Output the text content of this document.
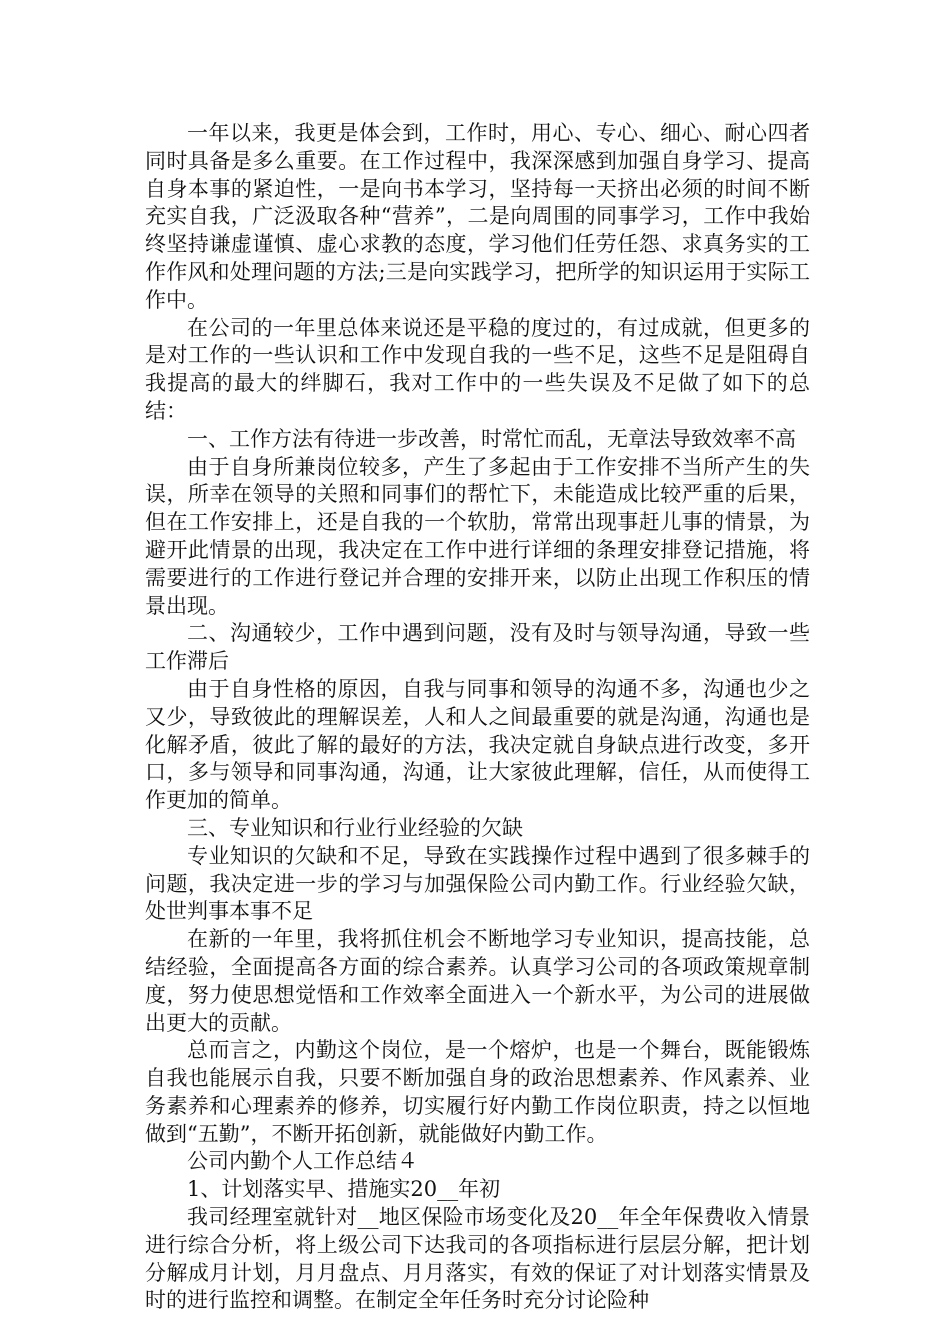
一年以来，我更是体会到，工作时，用心、专心、细心、耐心四者同时具备是多么重要。在工作过程中，我深深感到加强自身学习、提高自身本事的紧迫性，一是向书本学习，坚持每一天挤出必须的时间不断充实自我，广泛汲取各种“营养”，二是向周围的同事学习，工作中我始终坚持谦虚谨慎、虚心求教的态度，学习他们任劳任怨、求真务实的工作作风和处理问题的方法;三是向实践学习，把所学的知识运用于实际工作中。

在公司的一年里总体来说还是平稳的度过的，有过成就，但更多的是对工作的一些认识和工作中发现自我的一些不足，这些不足是阻碍自我提高的最大的绊脚石，我对工作中的一些失误及不足做了如下的总结：

一、工作方法有待进一步改善，时常忙而乱，无章法导致效率不高

由于自身所兼岗位较多，产生了多起由于工作安排不当所产生的失误，所幸在领导的关照和同事们的帮忙下，未能造成比较严重的后果，但在工作安排上，还是自我的一个软肋，常常出现事赶儿事的情景，为避开此情景的出现，我决定在工作中进行详细的条理安排登记措施，将需要进行的工作进行登记并合理的安排开来，以防止出现工作积压的情景出现。

二、沟通较少，工作中遇到问题，没有及时与领导沟通，导致一些工作滞后

由于自身性格的原因，自我与同事和领导的沟通不多，沟通也少之又少，导致彼此的理解误差，人和人之间最重要的就是沟通，沟通也是化解矛盾，彼此了解的最好的方法，我决定就自身缺点进行改变，多开口，多与领导和同事沟通，沟通，让大家彼此理解，信任，从而使得工作更加的简单。

三、专业知识和行业行业经验的欠缺

专业知识的欠缺和不足，导致在实践操作过程中遇到了很多棘手的问题，我决定进一步的学习与加强保险公司内勤工作。行业经验欠缺，处世判事本事不足

在新的一年里，我将抓住机会不断地学习专业知识，提高技能，总结经验，全面提高各方面的综合素养。认真学习公司的各项政策规章制度，努力使思想觉悟和工作效率全面进入一个新水平，为公司的进展做出更大的贡献。

总而言之，内勤这个岗位，是一个熔炉，也是一个舞台，既能锻炼自我也能展示自我，只要不断加强自身的政治思想素养、作风素养、业务素养和心理素养的修养，切实履行好内勤工作岗位职责，持之以恒地做到“五勤”，不断开拓创新，就能做好内勤工作。

公司内勤个人工作总结４

1、计划落实早、措施实20__年初

我司经理室就针对__地区保险市场变化及20__年全年保费收入情景进行综合分析，将上级公司下达我司的各项指标进行层层分解，把计划分解成月计划，月月盘点、月月落实，有效的保证了对计划落实情景及时的进行监控和调整。在制定全年任务时充分讨论险种
